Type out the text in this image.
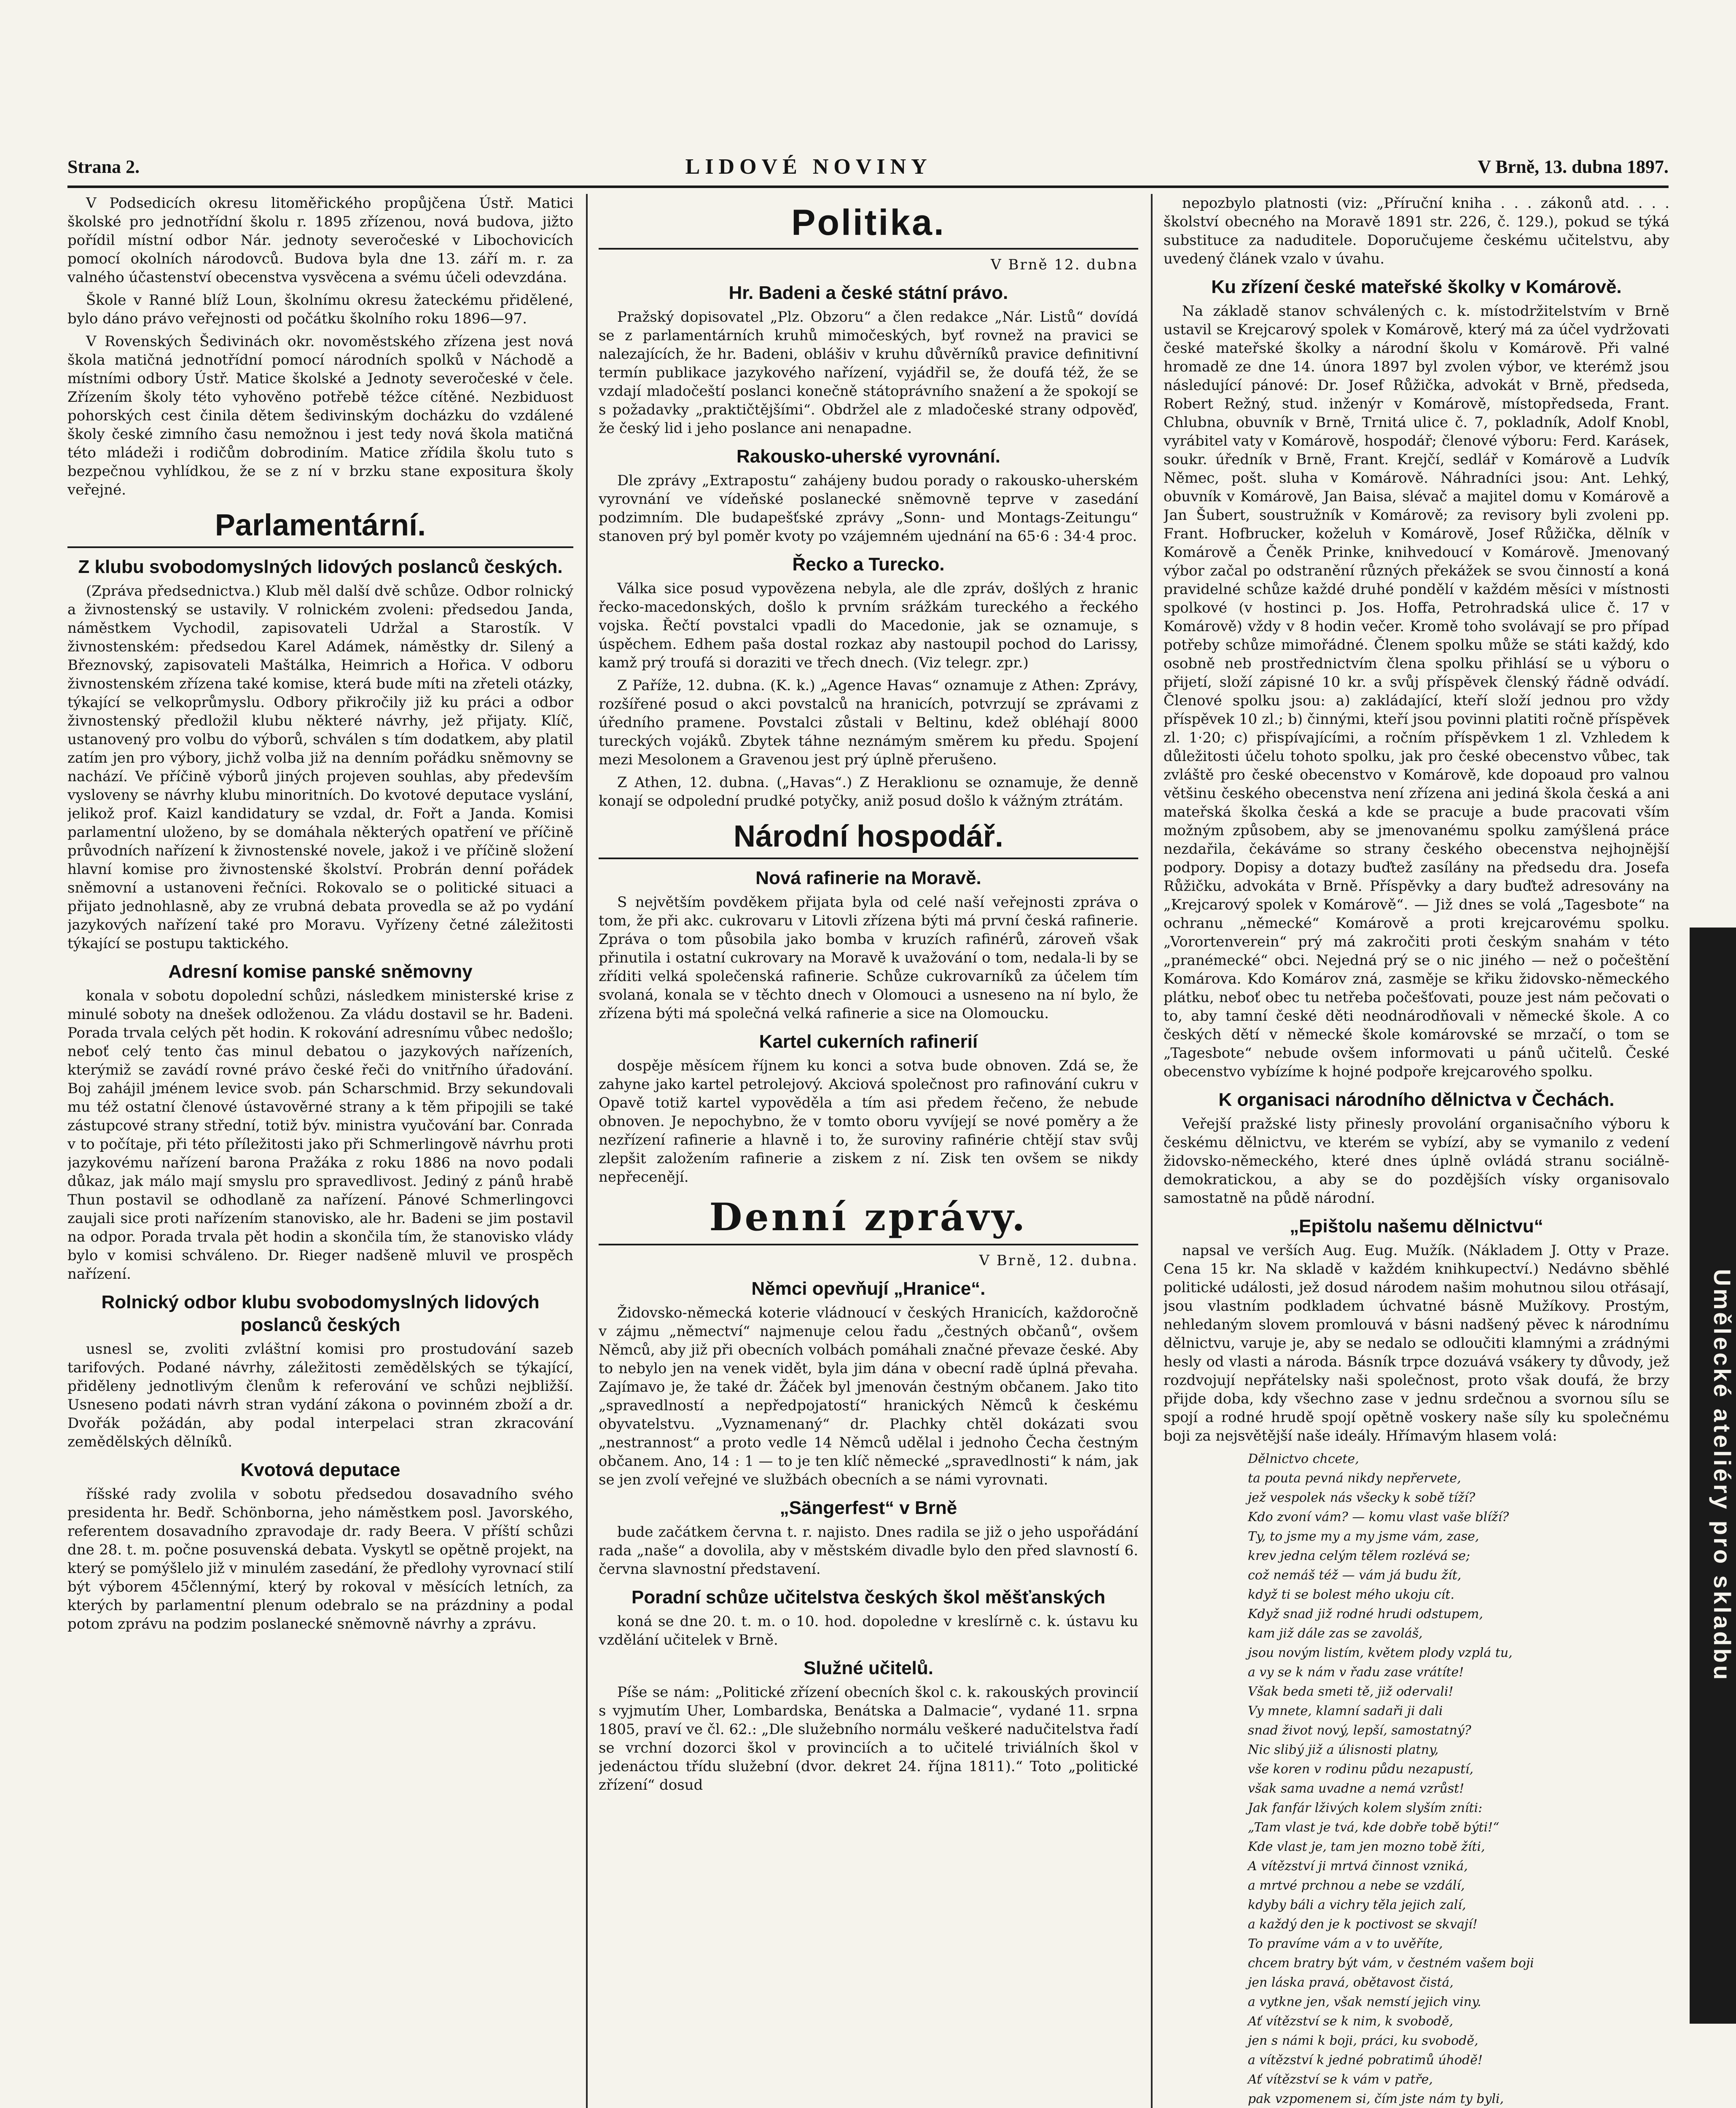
Strana 2.	LIDOVÉ NOVINY	V Brně, 13. dubna 1897.

V Podsedicích okresu litoměřického propůjčena Ústř. Matici školské pro jednotřídní školu r. 1895 zřízenou, nová budova, jižto pořídil místní odbor Nár. jednoty severočeské v Libochovicích pomocí okolních národovců. Budova byla dne 13. září m. r. za valného účastenství obecenstva vysvěcena a svému účeli odevzdána.

Škole v Ranné blíž Loun, školnímu okresu žateckému přidělené, bylo dáno právo veřejnosti od počátku školního roku 1896—97.

V Rovenských Šedivinách okr. novoměstského zřízena jest nová škola matičná jednotřídní pomocí národních spolků v Náchodě a místními odbory Ústř. Matice školské a Jednoty severočeské v čele. Zřízením školy této vyhověno potřebě téžce cítěné. Nezbiduost pohorských cest činila dětem šedivinským docházku do vzdálené školy české zimního času nemožnou i jest tedy nová škola matičná této mládeži i rodičům dobrodiním. Matice zřídila školu tuto s bezpečnou vyhlídkou, že se z ní v brzku stane expositura školy veřejné.

Parlamentární.
Z klubu svobodomyslných lidových poslanců českých.

(Zpráva předsednictva.) Klub měl další dvě schůze. Odbor rolnický a živnostenský se ustavily. V rolnickém zvoleni: předsedou Janda, náměstkem Vychodil, zapisovateli Udržal a Starostík. V živnostenském: předsedou Karel Adámek, náměstky dr. Silený a Březnovský, zapisovateli Maštálka, Heimrich a Hořica. V odboru živnostenském zřízena také komise, která bude míti na zřeteli otázky, týkající se velkoprůmyslu. Odbory přikročily již ku práci a odbor živnostenský předložil klubu některé návrhy, jež přijaty. Klíč, ustanovený pro volbu do výborů, schválen s tím dodatkem, aby platil zatím jen pro výbory, jichž volba již na denním pořádku sněmovny se nachází. Ve příčině výborů jiných projeven souhlas, aby především vysloveny se návrhy klubu minoritních. Do kvotové deputace vyslání, jelikož prof. Kaizl kandidatury se vzdal, dr. Fořt a Janda. Komisi parlamentní uloženo, by se domáhala některých opatření ve příčině průvodních nařízení k živnostenské novele, jakož i ve příčině složení hlavní komise pro živnostenské školství. Probrán denní pořádek sněmovní a ustanoveni řečníci. Rokovalo se o politické situaci a přijato jednohlasně, aby ze vrubná debata provedla se až po vydání jazykových nařízení také pro Moravu. Vyřízeny četné záležitosti týkající se postupu taktického.

Adresní komise panské sněmovny

konala v sobotu dopolední schůzi, následkem ministerské krise z minulé soboty na dnešek odloženou. Za vládu dostavil se hr. Badeni. Porada trvala celých pět hodin. K rokování adresnímu vůbec nedošlo; neboť celý tento čas minul debatou o jazykových nařízeních, kterýmiž se zavádí rovné právo české řeči do vnitřního úřadování. Boj zahájil jménem levice svob. pán Scharschmid. Brzy sekundovali mu též ostatní členové ústavověrné strany a k těm připojili se také zástupcové strany střední, totiž býv. ministra vyučování bar. Conrada v to počítaje, při této příležitosti jako při Schmerlingově návrhu proti jazykovému nařízení barona Pražáka z roku 1886 na novo podali důkaz, jak málo mají smyslu pro spravedlivost. Jediný z pánů hrabě Thun postavil se odhodlaně za nařízení. Pánové Schmerlingovci zaujali sice proti nařízením stanovisko, ale hr. Badeni se jim postavil na odpor. Porada trvala pět hodin a skončila tím, že stanovisko vlády bylo v komisi schváleno. Dr. Rieger nadšeně mluvil ve prospěch nařízení.

Rolnický odbor klubu svobodomyslných lidových poslanců českých

usnesl se, zvoliti zvláštní komisi pro prostudování sazeb tarifových. Podané návrhy, záležitosti zemědělských se týkající, přiděleny jednotlivým členům k referování ve schůzi nejbližší. Usneseno podati návrh stran vydání zákona o povinném zboží a dr. Dvořák požádán, aby podal interpelaci stran zkracování zemědělských dělníků.

Kvotová deputace

říšské rady zvolila v sobotu předsedou dosavadního svého presidenta hr. Bedř. Schönborna, jeho náměstkem posl. Javorského, referentem dosavadního zpravodaje dr. rady Beera. V příští schůzi dne 28. t. m. počne posuvenská debata. Vyskytl se opětně projekt, na který se pomýšlelo již v minulém zasedání, že předlohy vyrovnací stilí být výborem 45člennýmí, který by rokoval v měsících letních, za kterých by parlamentní plenum odebralo se na prázdniny a podal potom zprávu na podzim poslanecké sněmovně návrhy a zprávu.

Politika.
V Brně 12. dubna
Hr. Badeni a české státní právo.

Pražský dopisovatel „Plz. Obzoru“ a člen redakce „Nár. Listů“ dovídá se z parlamentárních kruhů mimočeských, byť rovnež na pravici se nalezajících, že hr. Badeni, oblášiv v kruhu důvěrníků pravice definitivní termín publikace jazykového nařízení, vyjádřil se, že doufá též, že se vzdají mladočeští poslanci konečně státoprávního snažení a že spokojí se s požadavky „praktičtějšími“. Obdržel ale z mladočeské strany odpověď, že český lid i jeho poslance ani nenapadne.

Rakousko-uherské vyrovnání.

Dle zprávy „Extrapostu“ zahájeny budou porady o rakousko-uherském vyrovnání ve vídeňské poslanecké sněmovně teprve v zasedání podzimním. Dle budapešťské zprávy „Sonn- und Montags-Zeitungu“ stanoven prý byl poměr kvoty po vzájemném ujednání na 65·6 : 34·4 proc.

Řecko a Turecko.

Válka sice posud vypovězena nebyla, ale dle zpráv, došlých z hranic řecko-macedonských, došlo k prvním srážkám tureckého a řeckého vojska. Řečtí povstalci vpadli do Macedonie, jak se oznamuje, s úspěchem. Edhem paša dostal rozkaz aby nastoupil pochod do Larissy, kamž prý troufá si doraziti ve třech dnech. (Viz telegr. zpr.)

Z Paříže, 12. dubna. (K. k.) „Agence Havas“ oznamuje z Athen: Zprávy, rozšířené posud o akci povstalců na hranicích, potvrzují se zprávami z úředního pramene. Povstalci zůstali v Beltinu, kdež obléhají 8000 tureckých vojáků. Zbytek táhne neznámým směrem ku předu. Spojení mezi Mesolonem a Gravenou jest prý úplně přerušeno.

Z Athen, 12. dubna. („Havas“.) Z Heraklionu se oznamuje, že denně konají se odpolední prudké potyčky, aniž posud došlo k vážným ztrátám.

Národní hospodář.
Nová rafinerie na Moravě.

S největším povděkem přijata byla od celé naší veřejnosti zpráva o tom, že při akc. cukrovaru v Litovli zřízena býti má první česká rafinerie. Zpráva o tom působila jako bomba v kruzích rafinérů, zároveň však přinutila i ostatní cukrovary na Moravě k uvažování o tom, nedala-li by se zříditi velká společenská rafinerie. Schůze cukrovarníků za účelem tím svolaná, konala se v těchto dnech v Olomouci a usneseno na ní bylo, že zřízena býti má společná velká rafinerie a sice na Olomoucku.

Kartel cukerních rafinerií

dospěje měsícem říjnem ku konci a sotva bude obnoven. Zdá se, že zahyne jako kartel petrolejový. Akciová společnost pro rafinování cukru v Opavě totiž kartel vypověděla a tím asi předem řečeno, že nebude obnoven. Je nepochybno, že v tomto oboru vyvíjejí se nové poměry a že nezřízení rafinerie a hlavně i to, že suroviny rafinérie chtějí stav svůj zlepšit založením rafinerie a ziskem z ní. Zisk ten ovšem se nikdy nepřecenějí.

Denní zprávy.
V Brně, 12. dubna.
Němci opevňují „Hranice“.

Židovsko-německá koterie vládnoucí v českých Hranicích, každoročně v zájmu „němectví“ najmenuje celou řadu „čestných občanů“, ovšem Němců, aby již při obecních volbách pomáhali značné převaze české. Aby to nebylo jen na venek vidět, byla jim dána v obecní radě úplná převaha. Zajímavo je, že také dr. Žáček byl jmenován čestným občanem. Jako tito „spravedlností a nepředpojatostí“ hranických Němců k českému obyvatelstvu. „Vyznamenaný“ dr. Plachky chtěl dokázati svou „nestrannost“ a proto vedle 14 Němců udělal i jednoho Čecha čestným občanem. Ano, 14 : 1 — to je ten klíč německé „spravedlnosti“ k nám, jak se jen zvolí veřejné ve službách obecních a se námi vyrovnati.

„Sängerfest“ v Brně

bude začátkem června t. r. najisto. Dnes radila se již o jeho uspořádání rada „naše“ a dovolila, aby v městském divadle bylo den před slavností 6. června slavnostní představení.

Poradní schůze učitelstva českých škol měšťanských

koná se dne 20. t. m. o 10. hod. dopoledne v kreslírně c. k. ústavu ku vzdělání učitelek v Brně.

Služné učitelů.

Píše se nám: „Politické zřízení obecních škol c. k. rakouských provincií s vyjmutím Uher, Lombardska, Benátska a Dalmacie“, vydané 11. srpna 1805, praví ve čl. 62.: „Dle služebního normálu veškeré nadučitelstva řadí se vrchní dozorci škol v provinciích a to učitelé triviálních škol v jedenáctou třídu služební (dvor. dekret 24. října 1811).“ Toto „politické zřízení“ dosud

nepozbylo platnosti (viz: „Příruční kniha . . . zákonů atd. . . . školství obecného na Moravě 1891 str. 226, č. 129.), pokud se týká substituce za naduditele. Doporučujeme českému učitelstvu, aby uvedený článek vzalo v úvahu.

Ku zřízení české mateřské školky v Komárově.

Na základě stanov schválených c. k. místodržitelstvím v Brně ustavil se Krejcarový spolek v Komárově, který má za účel vydržovati české mateřské školky a národní školu v Komárově. Při valné hromadě ze dne 14. února 1897 byl zvolen výbor, ve kterémž jsou následující pánové: Dr. Josef Růžička, advokát v Brně, předseda, Robert Režný, stud. inženýr v Komárově, místopředseda, Frant. Chlubna, obuvník v Brně, Trnitá ulice č. 7, pokladník, Adolf Knobl, vyrábitel vaty v Komárově, hospodář; členové výboru: Ferd. Karásek, soukr. úředník v Brně, Frant. Krejčí, sedlář v Komárově a Ludvík Němec, pošt. sluha v Komárově. Náhradníci jsou: Ant. Lehký, obuvník v Komárově, Jan Baisa, slévač a majitel domu v Komárově a Jan Šubert, soustružník v Komárově; za revisory byli zvoleni pp. Frant. Hofbrucker, koželuh v Komárově, Josef Růžička, dělník v Komárově a Čeněk Prinke, knihvedoucí v Komárově. Jmenovaný výbor začal po odstranění různých překážek se svou činností a koná pravidelné schůze každé druhé pondělí v každém měsíci v místnosti spolkové (v hostinci p. Jos. Hoffa, Petrohradská ulice č. 17 v Komárově) vždy v 8 hodin večer. Kromě toho svolávají se pro případ potřeby schůze mimořádné. Členem spolku může se státi každý, kdo osobně neb prostřednictvím člena spolku přihlásí se u výboru o přijetí, složí zápisné 10 kr. a svůj příspěvek členský řádně odvádí. Členové spolku jsou: a) zakládající, kteří složí jednou pro vždy příspěvek 10 zl.; b) činnými, kteří jsou povinni platiti ročně příspěvek zl. 1·20; c) přispívajícími, a ročním příspěvkem 1 zl. Vzhledem k důležitosti účelu tohoto spolku, jak pro české obecenstvo vůbec, tak zvláště pro české obecenstvo v Komárově, kde dopoaud pro valnou většinu českého obecenstva není zřízena ani jediná škola česká a ani mateřská školka česká a kde se pracuje a bude pracovati vším možným způsobem, aby se jmenovanému spolku zamýšlená práce nezdařila, čekáváme so strany českého obecenstva nejhojnější podpory. Dopisy a dotazy buďtež zasílány na předsedu dra. Josefa Růžičku, advokáta v Brně. Příspěvky a dary buďtež adresovány na „Krejcarový spolek v Komárově“. — Již dnes se volá „Tagesbote“ na ochranu „německé“ Komárově a proti krejcarovému spolku. „Vorortenverein“ prý má zakročiti proti českým snahám v této „pranémecké“ obci. Nejedná prý se o nic jiného — než o počeštění Komárova. Kdo Komárov zná, zasměje se křiku židovsko-německého plátku, neboť obec tu netřeba počešťovati, pouze jest nám pečovati o to, aby tamní české děti neodnárodňovali v německé škole. A co českých dětí v německé škole komárovské se mrzačí, o tom se „Tagesbote“ nebude ovšem informovati u pánů učitelů. České obecenstvo vybízíme k hojné podpoře krejcarového spolku.

K organisaci národního dělnictva v Čechách.

Veřejší pražské listy přinesly provolání organisačního výboru k českému dělnictvu, ve kterém se vybízí, aby se vymanilo z vedení židovsko-německého, které dnes úplně ovládá stranu sociálně-demokratickou, a aby se do pozdějších vísky organisovalo samostatně na půdě národní.

„Epištolu našemu dělnictvu“

napsal ve verších Aug. Eug. Mužík. (Nákladem J. Otty v Praze. Cena 15 kr. Na skladě v každém knihkupectví.) Nedávno sběhlé politické události, jež dosud národem našim mohutnou silou otřásají, jsou vlastním podkladem úchvatné básně Mužíkovy. Prostým, nehledaným slovem promlouvá v básni nadšený pěvec k národnímu dělnictvu, varuje je, aby se nedalo se odloučiti klamnými a zrádnými hesly od vlasti a národa. Básník trpce dozuává vsákery ty důvody, jež rozdvojují nepřátelsky naši společnost, proto však doufá, že brzy přijde doba, kdy všechno zase v jednu srdečnou a svornou sílu se spojí a rodné hrudě spojí opětně voskery naše síly ku společnému boji za nejsvětější naše ideály. Hřímavým hlasem volá:

Dělnictvo chcete,
ta pouta pevná nikdy nepřervete,
jež vespolek nás všecky k sobě tíží?
Kdo zvoní vám? — komu vlast vaše blíží?
Ty, to jsme my a my jsme vám, zase,
krev jedna celým tělem rozlévá se;
což nemáš též — vám já budu žít,
když ti se bolest mého ukoju cít.
Když snad již rodné hrudi odstupem,
kam již dále zas se zavoláš,
jsou novým listím, květem plody vzplá tu,
a vy se k nám v řadu zase vrátíte!
Však beda smeti tě, již odervali!
Vy mnete, klamní sadaři ji dali
snad život nový, lepší, samostatný?
Nic slibý již a úlisnosti platny,
vše koren v rodinu půdu nezapustí,
však sama uvadne a nemá vzrůst!
Jak fanfár lživých kolem slyším zníti:
„Tam vlast je tvá, kde dobře tobě býti!“
Kde vlast je, tam jen mozno tobě žíti,
A vítězství ji mrtvá činnost vzniká,
a mrtvé prchnou a nebe se vzdálí,
kdyby báli a vichry těla jejich zalí,
a každý den je k poctivost se skvají!
To pravíme vám a v to uvěříte,
chcem bratry být vám, v čestném vašem boji
jen láska pravá, obětavost čistá,
a vytkne jen, však nemstí jejich viny.
Ať vítězství se k nim, k svobodě,
jen s námi k boji, práci, ku svobodě,
a vítězství k jedné pobratimů úhodě!
Ať vítězství se k vám v patře,
pak vzpomenem si, čím jste nám ty byli,
Umělecké ateliéry pro skladbu
